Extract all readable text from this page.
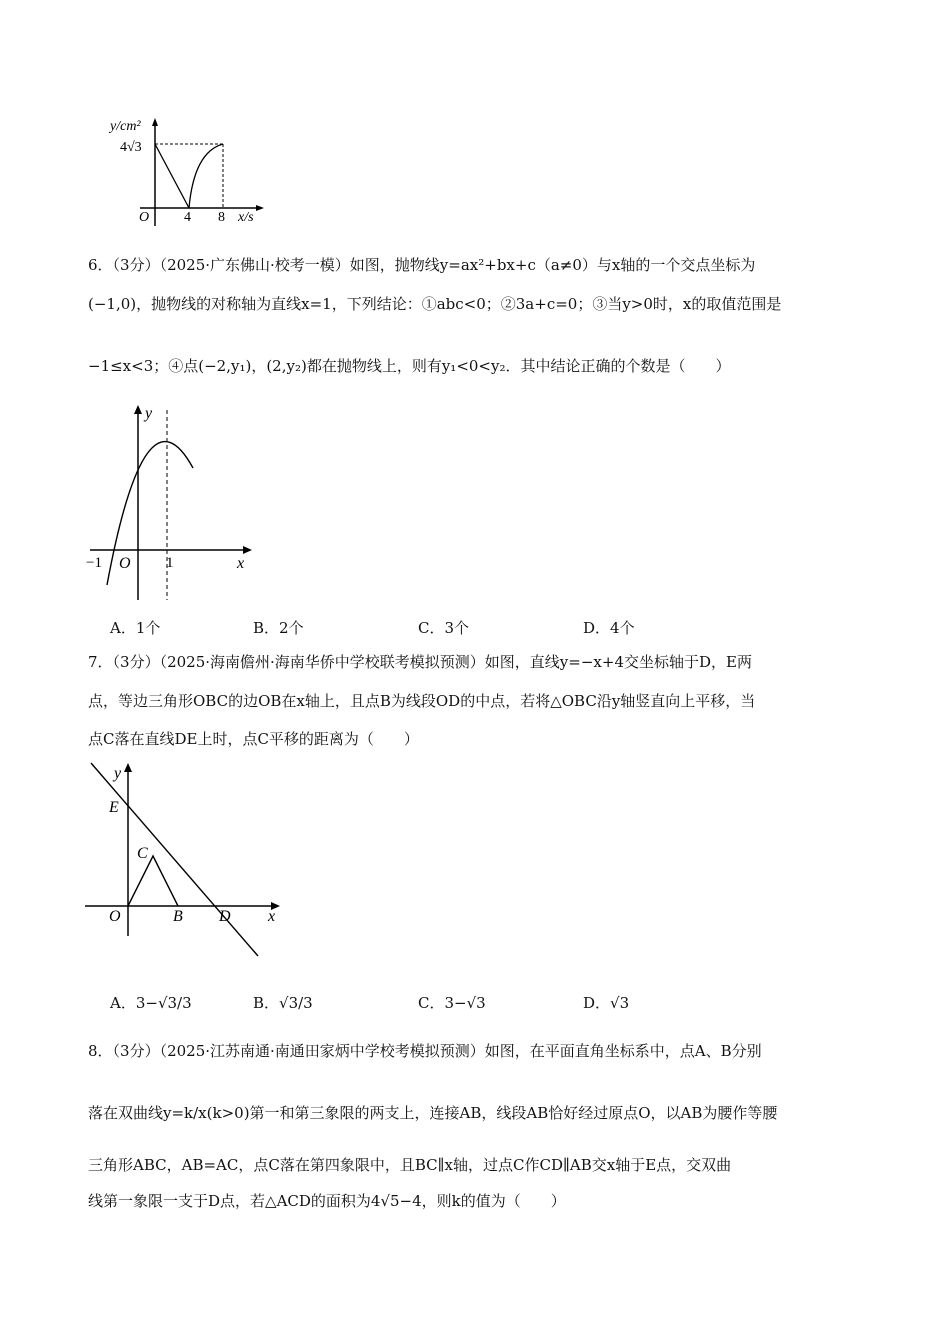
y/cm²
4√3
O 4 8 x/s
6．（3分）（2025·广东佛山·校考一模）如图，抛物线y=ax²+bx+c（a≠0）与x轴的一个交点坐标为
(−1,0)，抛物线的对称轴为直线x=1，下列结论：①abc<0；②3a+c=0；③当y>0时，x的取值范围是
−1≤x<3；④点(−2,y₁)，(2,y₂)都在抛物线上，则有y₁<0<y₂．其中结论正确的个数是（　　）
y
x
O
−1	1
A．1个	B．2个	C．3个	D．4个
7．（3分）（2025·海南儋州·海南华侨中学校联考模拟预测）如图，直线y=−x+4交坐标轴于D，E两
点，等边三角形OBC的边OB在x轴上，且点B为线段OD的中点，若将△OBC沿y轴竖直向上平移，当
点C落在直线DE上时，点C平移的距离为（　　）
y
x
E
C
O	B D
A．3−√3/3	B．√3/3	C．3−√3	D．√3
8．（3分）（2025·江苏南通·南通田家炳中学校考模拟预测）如图，在平面直角坐标系中，点A、B分别
落在双曲线y=k/x(k>0)第一和第三象限的两支上，连接AB，线段AB恰好经过原点O，以AB为腰作等腰
三角形ABC，AB=AC，点C落在第四象限中，且BC∥x轴，过点C作CD∥AB交x轴于E点，交双曲
线第一象限一支于D点，若△ACD的面积为4√5−4，则k的值为（　　）
